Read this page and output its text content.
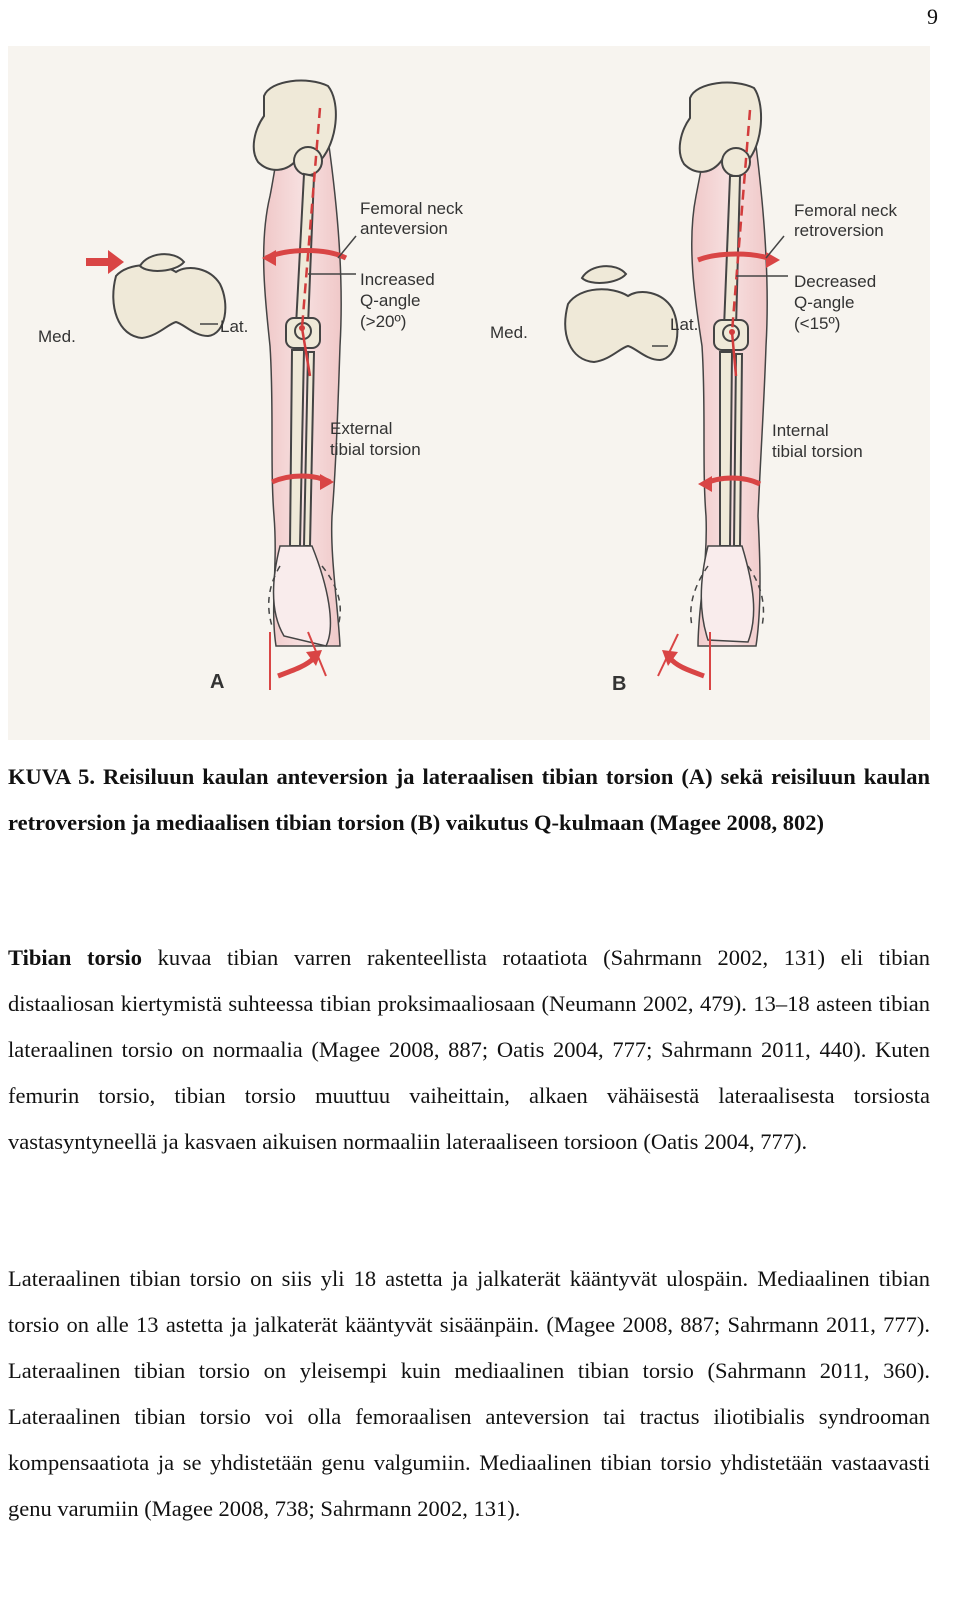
9
Femoral neck
anteversion
Increased
Q-angle
(>20º)
External
tibial torsion
Med.
Lat.
A
Femoral neck
retroversion
Decreased
Q-angle
(<15º)
Internal
tibial torsion
Med.	Lat.
B

KUVA 5. Reisiluun kaulan anteversion ja lateraalisen tibian torsion (A) sekä reisiluun kaulan retroversion ja mediaalisen tibian torsion (B) vaikutus Q-kulmaan (Magee 2008, 802)

Tibian torsio kuvaa tibian varren rakenteellista rotaatiota (Sahrmann 2002, 131) eli tibian distaaliosan kiertymistä suhteessa tibian proksimaaliosaan (Neumann 2002, 479). 13–18 asteen tibian lateraalinen torsio on normaalia (Magee 2008, 887; Oatis 2004, 777; Sahrmann 2011, 440). Kuten femurin torsio, tibian torsio muuttuu vaiheittain, alkaen vähäisestä lateraalisesta torsiosta vastasyntyneellä ja kasvaen aikuisen normaaliin lateraaliseen torsioon (Oatis 2004, 777).

Lateraalinen tibian torsio on siis yli 18 astetta ja jalkaterät kääntyvät ulospäin. Mediaalinen tibian torsio on alle 13 astetta ja jalkaterät kääntyvät sisäänpäin. (Magee 2008, 887; Sahrmann 2011, 777). Lateraalinen tibian torsio on yleisempi kuin mediaalinen tibian torsio (Sahrmann 2011, 360). Lateraalinen tibian torsio voi olla femoraalisen anteversion tai tractus iliotibialis syndrooman kompensaatiota ja se yhdistetään genu valgumiin. Mediaalinen tibian torsio yhdistetään vastaavasti genu varumiin (Magee 2008, 738; Sahrmann 2002, 131).
